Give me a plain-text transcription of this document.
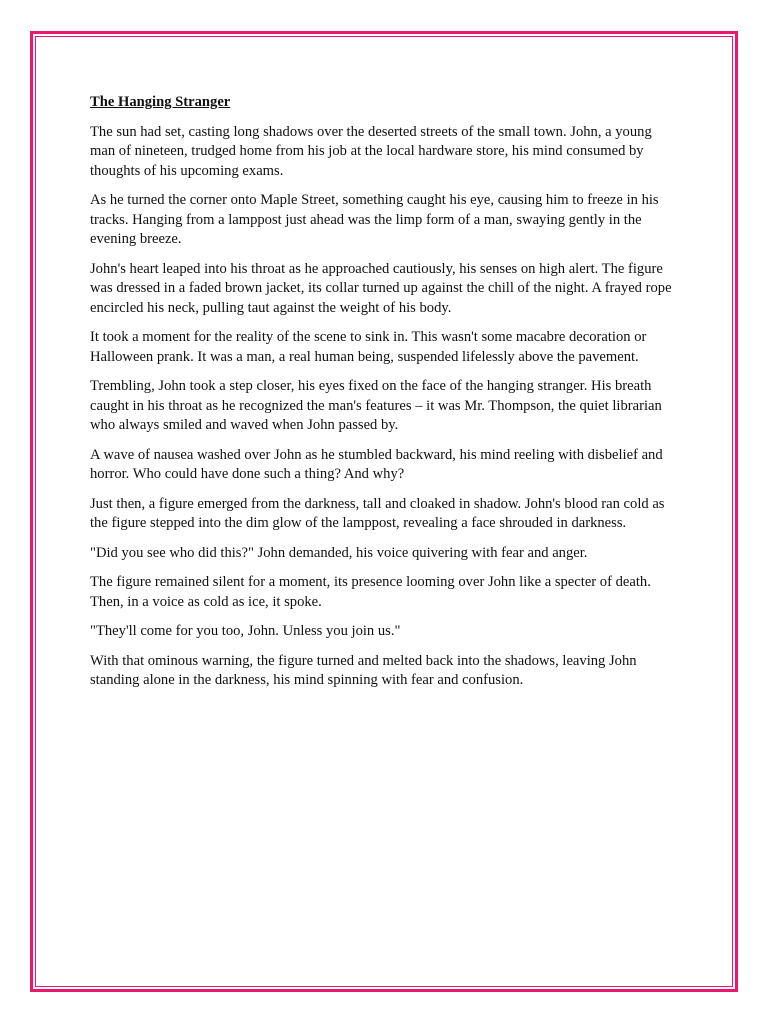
The Hanging Stranger

The sun had set, casting long shadows over the deserted streets of the small town. John, a young man of nineteen, trudged home from his job at the local hardware store, his mind consumed by thoughts of his upcoming exams.

As he turned the corner onto Maple Street, something caught his eye, causing him to freeze in his tracks. Hanging from a lamppost just ahead was the limp form of a man, swaying gently in the evening breeze.

John's heart leaped into his throat as he approached cautiously, his senses on high alert. The figure was dressed in a faded brown jacket, its collar turned up against the chill of the night. A frayed rope encircled his neck, pulling taut against the weight of his body.

It took a moment for the reality of the scene to sink in. This wasn't some macabre decoration or Halloween prank. It was a man, a real human being, suspended lifelessly above the pavement.

Trembling, John took a step closer, his eyes fixed on the face of the hanging stranger. His breath caught in his throat as he recognized the man's features – it was Mr. Thompson, the quiet librarian who always smiled and waved when John passed by.

A wave of nausea washed over John as he stumbled backward, his mind reeling with disbelief and horror. Who could have done such a thing? And why?

Just then, a figure emerged from the darkness, tall and cloaked in shadow. John's blood ran cold as the figure stepped into the dim glow of the lamppost, revealing a face shrouded in darkness.

"Did you see who did this?" John demanded, his voice quivering with fear and anger.

The figure remained silent for a moment, its presence looming over John like a specter of death. Then, in a voice as cold as ice, it spoke.

"They'll come for you too, John. Unless you join us."

With that ominous warning, the figure turned and melted back into the shadows, leaving John standing alone in the darkness, his mind spinning with fear and confusion.
